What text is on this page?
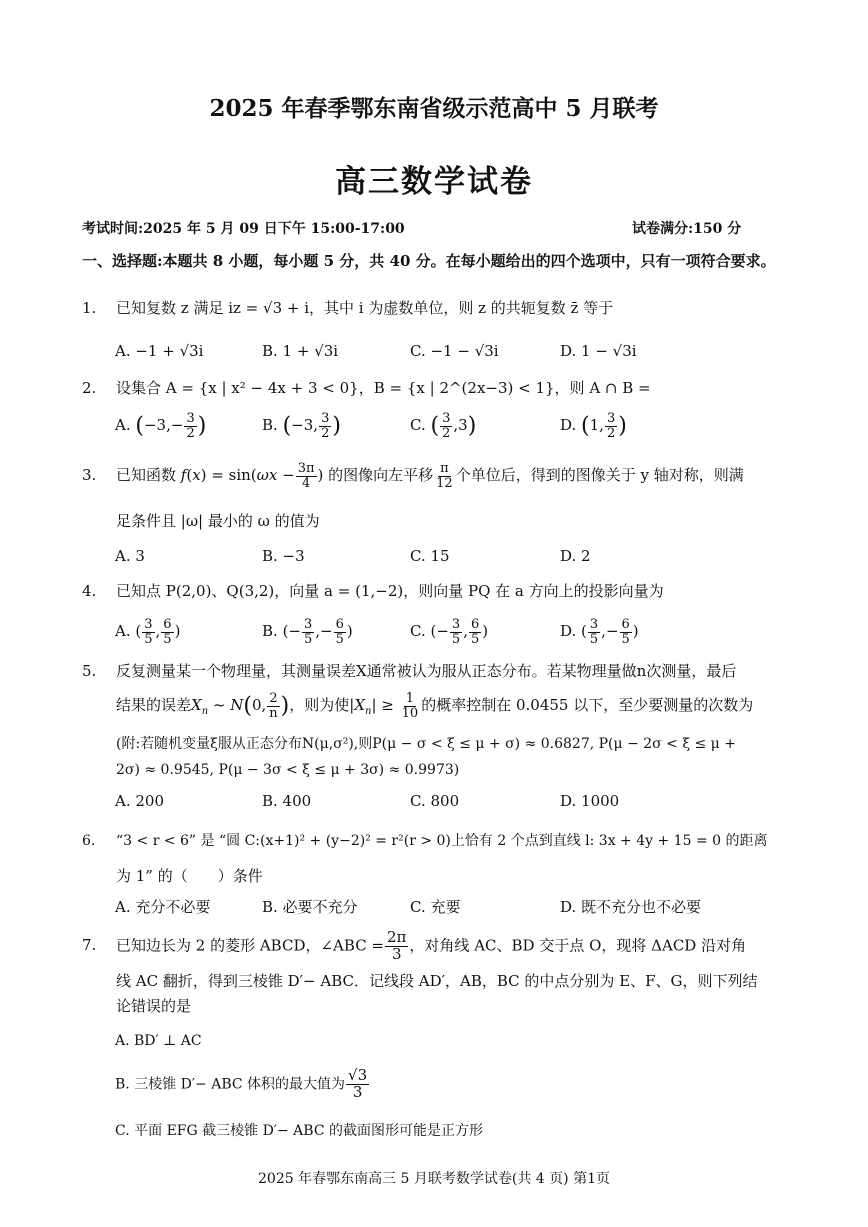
2025 年春季鄂东南省级示范高中 5 月联考
高三数学试卷
考试时间:2025 年 5 月 09 日下午 15:00-17:00	试卷满分:150 分
一、选择题:本题共 8 小题，每小题 5 分，共 40 分。在每小题给出的四个选项中，只有一项符合要求。
1. 已知复数 z 满足 iz = √3 + i，其中 i 为虚数单位，则 z 的共轭复数 z̄ 等于
A. −1 + √3i	B. 1 + √3i	C. −1 − √3i	D. 1 − √3i
2. 设集合 A = {x | x² − 4x + 3 < 0}，B = {x | 2^(2x−3) < 1}，则 A ∩ B =
A. ($-3,- \frac{3}{2}$ )	B. (−3, $\frac{3}{2}$ )	C. ( $\frac{3}{2} ,3$)	D. (1, $\frac{3}{2}$ )
3. 已知函数 $f(x) = \sin(\omega x - \frac{3\pi}{4}$ ) 的图像向左平移 $\frac{\pi}{12}$ 个单位后，得到的图像关于 y 轴对称，则满
足条件且 |ω| 最小的 ω 的值为
A. 3	B. −3	C. 15	D. 2
4. 已知点 P(2,0)、Q(3,2)，向量 a = (1,−2)，则向量 PQ 在 a 方向上的投影向量为
A. ( $\frac{3}{5}$ , $\frac{6}{5}$ )	B. (− $\frac{3}{5}$ ,− $\frac{6}{5}$ )	C. (− $\frac{3}{5}$ , $\frac{6}{5}$ )	D. ( $\frac{3}{5}$ ,− $\frac{6}{5}$ )
5. 反复测量某一个物理量，其测量误差X通常被认为服从正态分布。若某物理量做n次测量，最后
结果的误差$X_n$ ~ N(0, $\frac{2}{n}$ )，则为使$|X_n| \ge \frac{1}{10}$ 的概率控制在 0.0455 以下，至少要测量的次数为
(附:若随机变量ξ服从正态分布N(μ,σ²),则P(μ − σ < ξ ≤ μ + σ) ≈ 0.6827, P(μ − 2σ < ξ ≤ μ +
2σ) ≈ 0.9545, P(μ − 3σ < ξ ≤ μ + 3σ) ≈ 0.9973)
A. 200	B. 400	C. 800	D. 1000
6. “3 < r < 6” 是 “圆 C:(x+1)² + (y−2)² = r²(r > 0)上恰有 2 个点到直线 l: 3x + 4y + 15 = 0 的距离
为 1” 的（　　）条件
A. 充分不必要	B. 必要不充分	C. 充要	D. 既不充分也不必要
7. 已知边长为 2 的菱形 ABCD，∠ABC = $\frac{2\pi}{3}$ ，对角线 AC、BD 交于点 O，现将 ΔACD 沿对角
线 AC 翻折，得到三棱锥 D′− ABC．记线段 AD′，AB，BC 的中点分别为 E、F、G，则下列结
论错误的是
A. BD′ ⊥ AC
B. 三棱锥 D′− ABC 体积的最大值为 $\frac{√3}{3}$
C. 平面 EFG 截三棱锥 D′− ABC 的截面图形可能是正方形
2025 年春鄂东南高三 5 月联考数学试卷(共 4 页) 第1页
